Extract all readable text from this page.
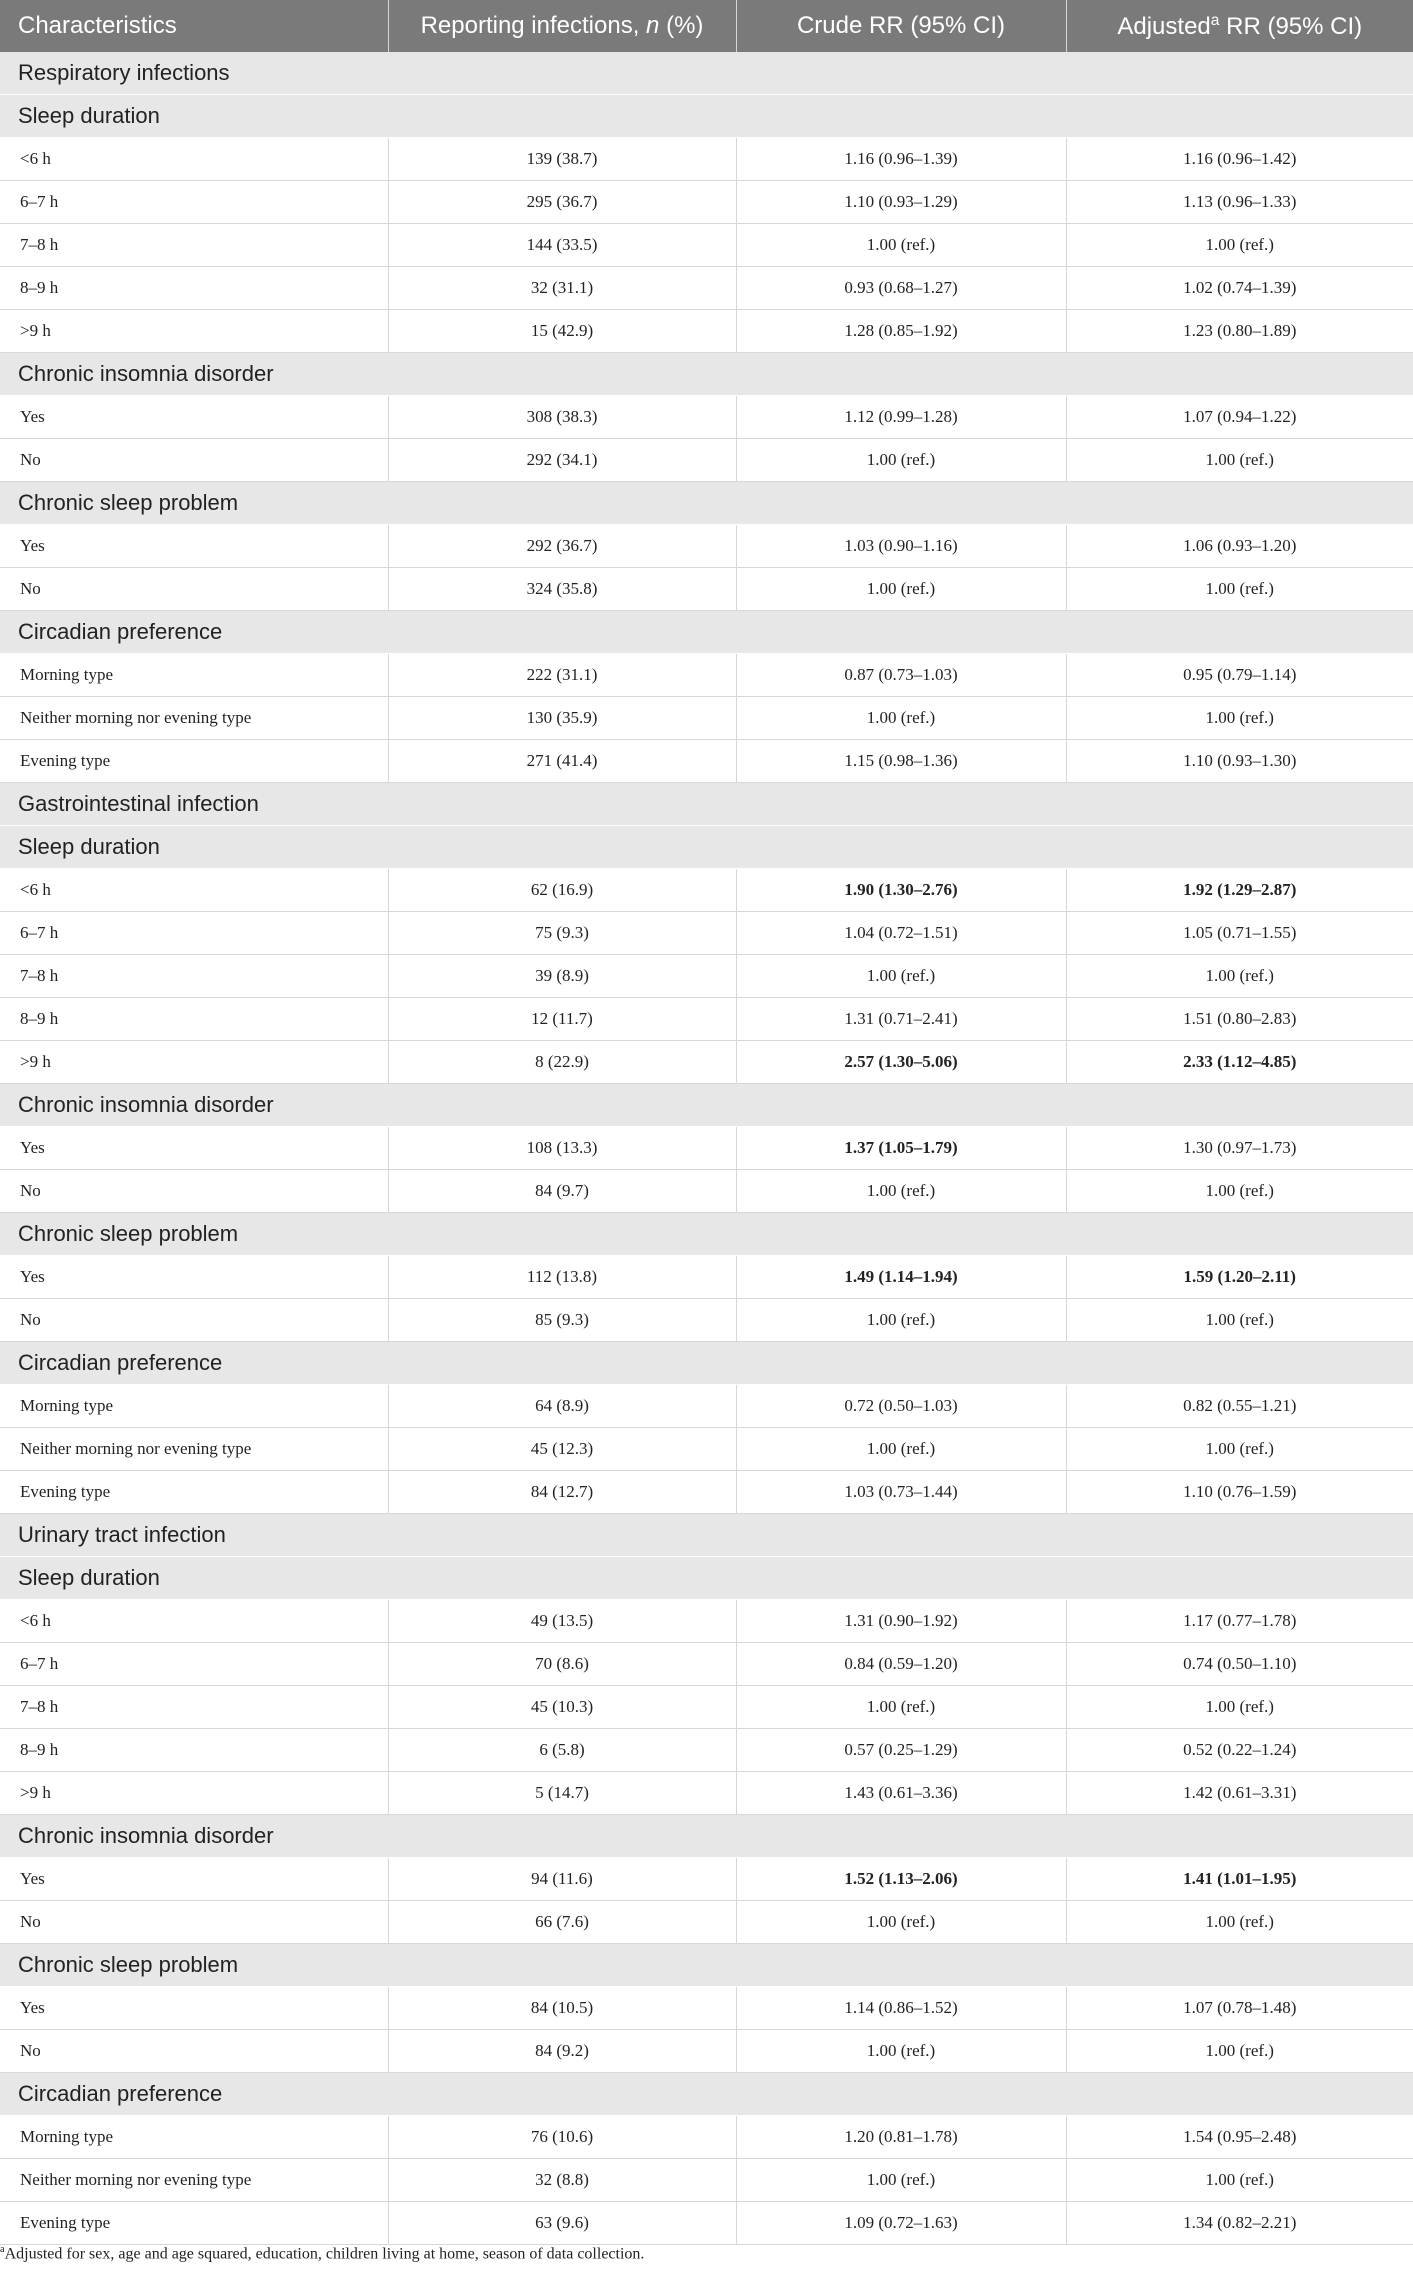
Characteristics	Reporting infections, n (%)	Crude RR (95% CI)	Adjusted$^a$ RR (95% CI)
Respiratory infections			
Sleep duration			
<6 h	139 (38.7)	1.16 (0.96–1.39)	1.16 (0.96–1.42)
6–7 h	295 (36.7)	1.10 (0.93–1.29)	1.13 (0.96–1.33)
7–8 h	144 (33.5)	1.00 (ref.)	1.00 (ref.)
8–9 h	32 (31.1)	0.93 (0.68–1.27)	1.02 (0.74–1.39)
>9 h	15 (42.9)	1.28 (0.85–1.92)	1.23 (0.80–1.89)
Chronic insomnia disorder			
Yes	308 (38.3)	1.12 (0.99–1.28)	1.07 (0.94–1.22)
No	292 (34.1)	1.00 (ref.)	1.00 (ref.)
Chronic sleep problem			
Yes	292 (36.7)	1.03 (0.90–1.16)	1.06 (0.93–1.20)
No	324 (35.8)	1.00 (ref.)	1.00 (ref.)
Circadian preference			
Morning type	222 (31.1)	0.87 (0.73–1.03)	0.95 (0.79–1.14)
Neither morning nor evening type	130 (35.9)	1.00 (ref.)	1.00 (ref.)
Evening type	271 (41.4)	1.15 (0.98–1.36)	1.10 (0.93–1.30)
Gastrointestinal infection			
Sleep duration			
<6 h	62 (16.9)	1.90 (1.30–2.76)	1.92 (1.29–2.87)
6–7 h	75 (9.3)	1.04 (0.72–1.51)	1.05 (0.71–1.55)
7–8 h	39 (8.9)	1.00 (ref.)	1.00 (ref.)
8–9 h	12 (11.7)	1.31 (0.71–2.41)	1.51 (0.80–2.83)
>9 h	8 (22.9)	2.57 (1.30–5.06)	2.33 (1.12–4.85)
Chronic insomnia disorder			
Yes	108 (13.3)	1.37 (1.05–1.79)	1.30 (0.97–1.73)
No	84 (9.7)	1.00 (ref.)	1.00 (ref.)
Chronic sleep problem			
Yes	112 (13.8)	1.49 (1.14–1.94)	1.59 (1.20–2.11)
No	85 (9.3)	1.00 (ref.)	1.00 (ref.)
Circadian preference			
Morning type	64 (8.9)	0.72 (0.50–1.03)	0.82 (0.55–1.21)
Neither morning nor evening type	45 (12.3)	1.00 (ref.)	1.00 (ref.)
Evening type	84 (12.7)	1.03 (0.73–1.44)	1.10 (0.76–1.59)
Urinary tract infection			
Sleep duration			
<6 h	49 (13.5)	1.31 (0.90–1.92)	1.17 (0.77–1.78)
6–7 h	70 (8.6)	0.84 (0.59–1.20)	0.74 (0.50–1.10)
7–8 h	45 (10.3)	1.00 (ref.)	1.00 (ref.)
8–9 h	6 (5.8)	0.57 (0.25–1.29)	0.52 (0.22–1.24)
>9 h	5 (14.7)	1.43 (0.61–3.36)	1.42 (0.61–3.31)
Chronic insomnia disorder			
Yes	94 (11.6)	1.52 (1.13–2.06)	1.41 (1.01–1.95)
No	66 (7.6)	1.00 (ref.)	1.00 (ref.)
Chronic sleep problem			
Yes	84 (10.5)	1.14 (0.86–1.52)	1.07 (0.78–1.48)
No	84 (9.2)	1.00 (ref.)	1.00 (ref.)
Circadian preference			
Morning type	76 (10.6)	1.20 (0.81–1.78)	1.54 (0.95–2.48)
Neither morning nor evening type	32 (8.8)	1.00 (ref.)	1.00 (ref.)
Evening type	63 (9.6)	1.09 (0.72–1.63)	1.34 (0.82–2.21)
$^a$Adjusted for sex, age and age squared, education, children living at home, season of data collection.
